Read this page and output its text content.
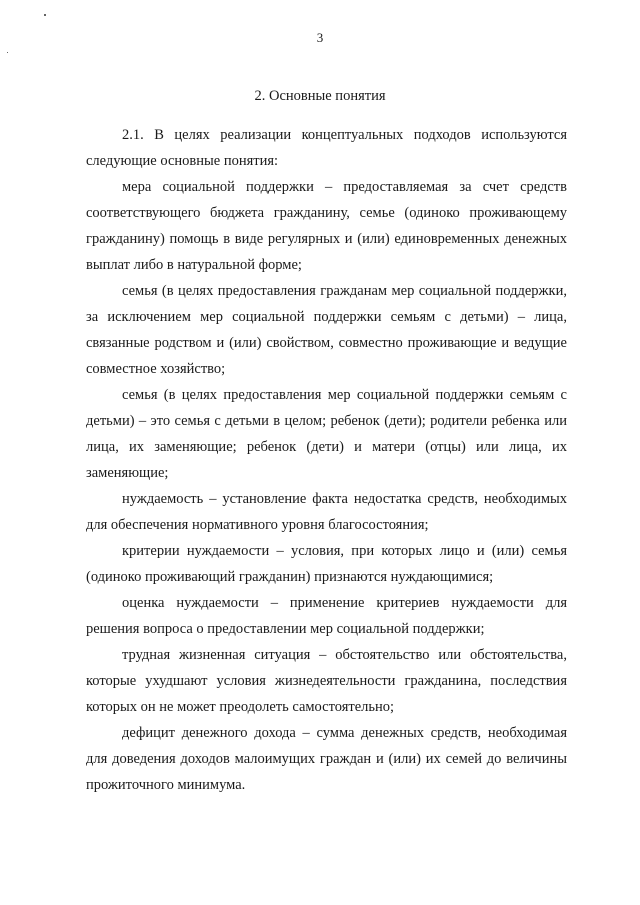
3
2. Основные понятия

2.1. В целях реализации концептуальных подходов используются следующие основные понятия:

мера социальной поддержки – предоставляемая за счет средств соответствующего бюджета гражданину, семье (одиноко проживающему гражданину) помощь в виде регулярных и (или) единовременных денежных выплат либо в натуральной форме;

семья (в целях предоставления гражданам мер социальной поддержки, за исключением мер социальной поддержки семьям с детьми) – лица, связанные родством и (или) свойством, совместно проживающие и ведущие совместное хозяйство;

семья (в целях предоставления мер социальной поддержки семьям с детьми) – это семья с детьми в целом; ребенок (дети); родители ребенка или лица, их заменяющие; ребенок (дети) и матери (отцы) или лица, их заменяющие;

нуждаемость – установление факта недостатка средств, необходимых для обеспечения нормативного уровня благосостояния;

критерии нуждаемости – условия, при которых лицо и (или) семья (одиноко проживающий гражданин) признаются нуждающимися;

оценка нуждаемости – применение критериев нуждаемости для решения вопроса о предоставлении мер социальной поддержки;

трудная жизненная ситуация – обстоятельство или обстоятельства, которые ухудшают условия жизнедеятельности гражданина, последствия которых он не может преодолеть самостоятельно;

дефицит денежного дохода – сумма денежных средств, необходимая для доведения доходов малоимущих граждан и (или) их семей до величины прожиточного минимума.
